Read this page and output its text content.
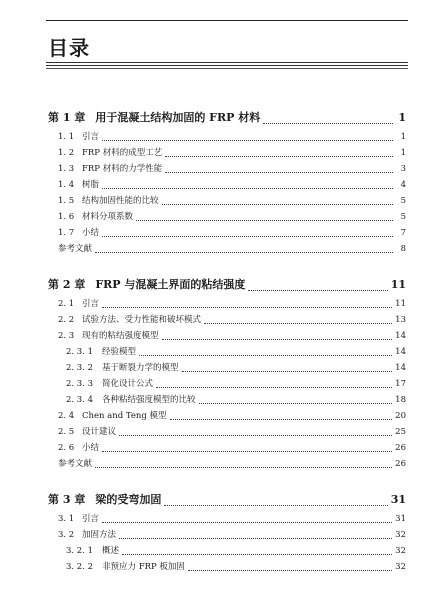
目录
第 1 章 用于混凝土结构加固的 FRP 材料	1
1. 1 引言	1
1. 2 FRP 材料的成型工艺	1
1. 3 FRP 材料的力学性能	3
1. 4 树脂	4
1. 5 结构加固性能的比较	5
1. 6 材料分项系数	5
1. 7 小结	7
参考文献	8
第 2 章 FRP 与混凝土界面的粘结强度	11
2. 1 引言	11
2. 2 试验方法、受力性能和破坏模式	13
2. 3 现有的粘结强度模型	14
2. 3. 1 经验模型	14
2. 3. 2 基于断裂力学的模型	14
2. 3. 3 简化设计公式	17
2. 3. 4 各种粘结强度模型的比较	18
2. 4 Chen and Teng 模型	20
2. 5 设计建议	25
2. 6 小结	26
参考文献	26
第 3 章 梁的受弯加固	31
3. 1 引言	31
3. 2 加固方法	32
3. 2. 1 概述	32
3. 2. 2 非预应力 FRP 板加固	32
